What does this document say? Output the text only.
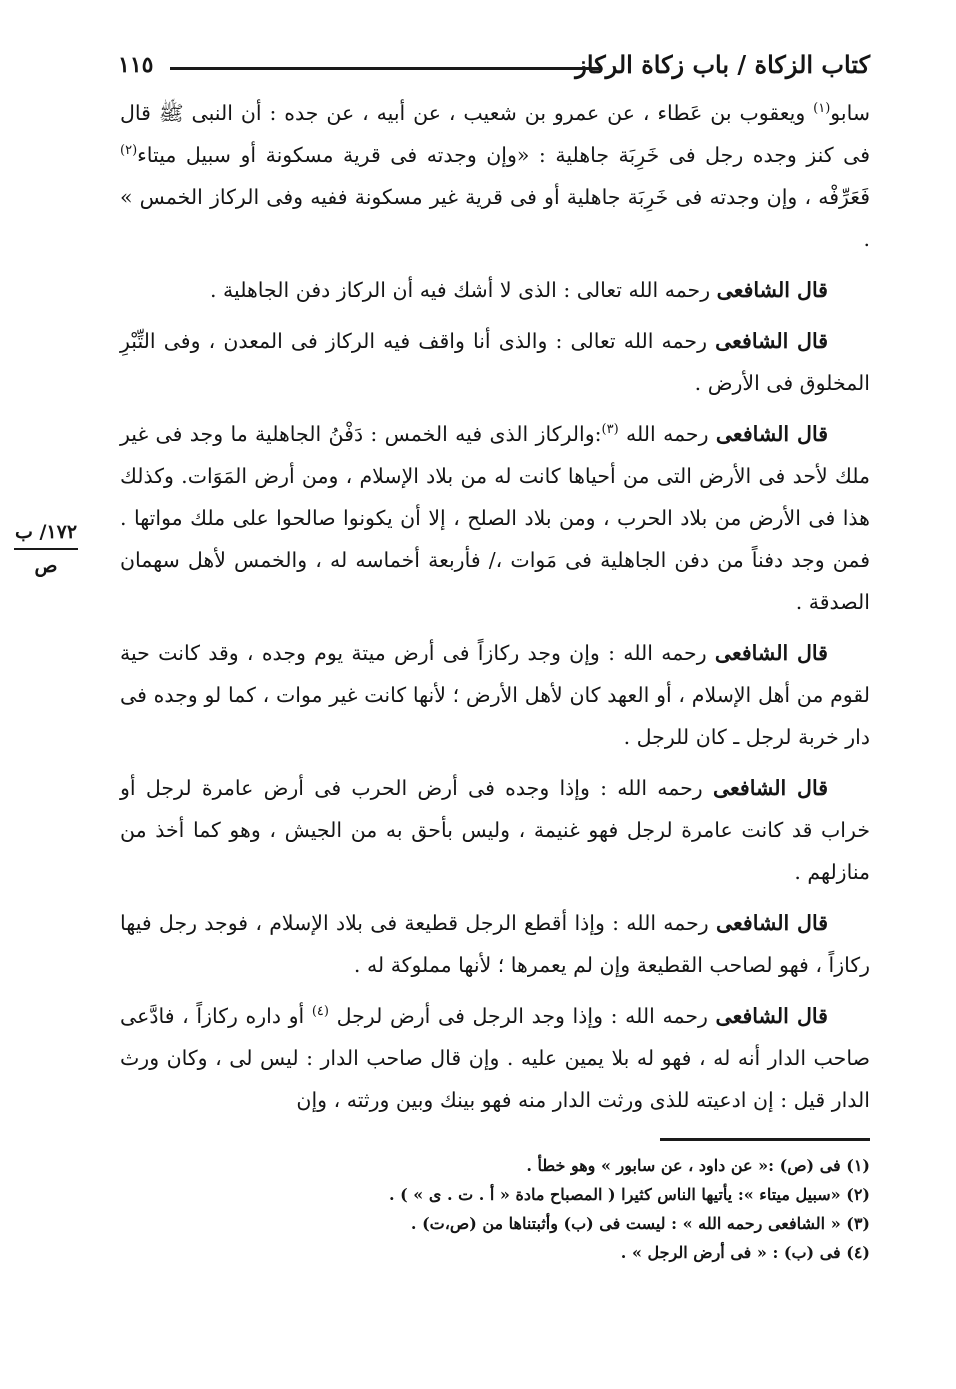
كتاب الزكاة / باب زكاة الركاز
١١٥
١٧٢/ ب
ص

سابو$^{(١)}$ ويعقوب بن عَطاء ، عن عمرو بن شعيب ، عن أبيه ، عن جده : أن النبى ﷺ قال فى كنز وجده رجل فى خَرِبَة جاهلية : «وإن وجدته فى قرية مسكونة أو سبيل ميتاء$^{(٢)}$ فَعَرِّفْه ، وإن وجدته فى خَرِبَة جاهلية أو فى قرية غير مسكونة ففيه وفى الركاز الخمس » .

قال الشافعى رحمه الله تعالى : الذى لا أشك فيه أن الركاز دفن الجاهلية .

قال الشافعى رحمه الله تعالى : والذى أنا واقف فيه الركاز فى المعدن ، وفى التِّبْرِ المخلوق فى الأرض .

قال الشافعى رحمه الله $^{(٣)}$:والركاز الذى فيه الخمس : دَفْنُ الجاهلية ما وجد فى غير ملك لأحد فى الأرض التى من أحياها كانت له من بلاد الإسلام ، ومن أرض المَوَات. وكذلك هذا فى الأرض من بلاد الحرب ، ومن بلاد الصلح ، إلا أن يكونوا صالحوا على ملك مواتها . فمن وجد دفناً من دفن الجاهلية فى مَوات ،/ فأربعة أخماسه له ، والخمس لأهل سهمان الصدقة .

قال الشافعى رحمه الله : وإن وجد ركازاً فى أرض ميتة يوم وجده ، وقد كانت حية لقوم من أهل الإسلام ، أو العهد كان لأهل الأرض ؛ لأنها كانت غير موات ، كما لو وجده فى دار خربة لرجل ـ كان للرجل .

قال الشافعى رحمه الله : وإذا وجده فى أرض الحرب فى أرض عامرة لرجل أو خراب قد كانت عامرة لرجل فهو غنيمة ، وليس بأحق به من الجيش ، وهو كما أخذ من منازلهم .

قال الشافعى رحمه الله : وإذا أقطع الرجل قطيعة فى بلاد الإسلام ، فوجد رجل فيها ركازاً ، فهو لصاحب القطيعة وإن لم يعمرها ؛ لأنها مملوكة له .

قال الشافعى رحمه الله : وإذا وجد الرجل فى أرض لرجل $^{(٤)}$ أو داره ركازاً ، فادَّعى صاحب الدار أنه له ، فهو له بلا يمين عليه . وإن قال صاحب الدار : ليس لى ، وكان ورث الدار قيل : إن ادعيته للذى ورثت الدار منه فهو بينك وبين ورثته ، وإن

(١) فى (ص) :« عن داود ، عن سابور » وهو خطأ .
(٢) «سبيل ميتاء »: يأتيها الناس كثيرا ( المصباح مادة « أ . ت . ى » ) .
(٣) « الشافعى رحمه الله » : ليست فى (ب) وأثبتناها من (ص،ت) .
(٤) فى (ب) : « فى أرض الرجل » .
